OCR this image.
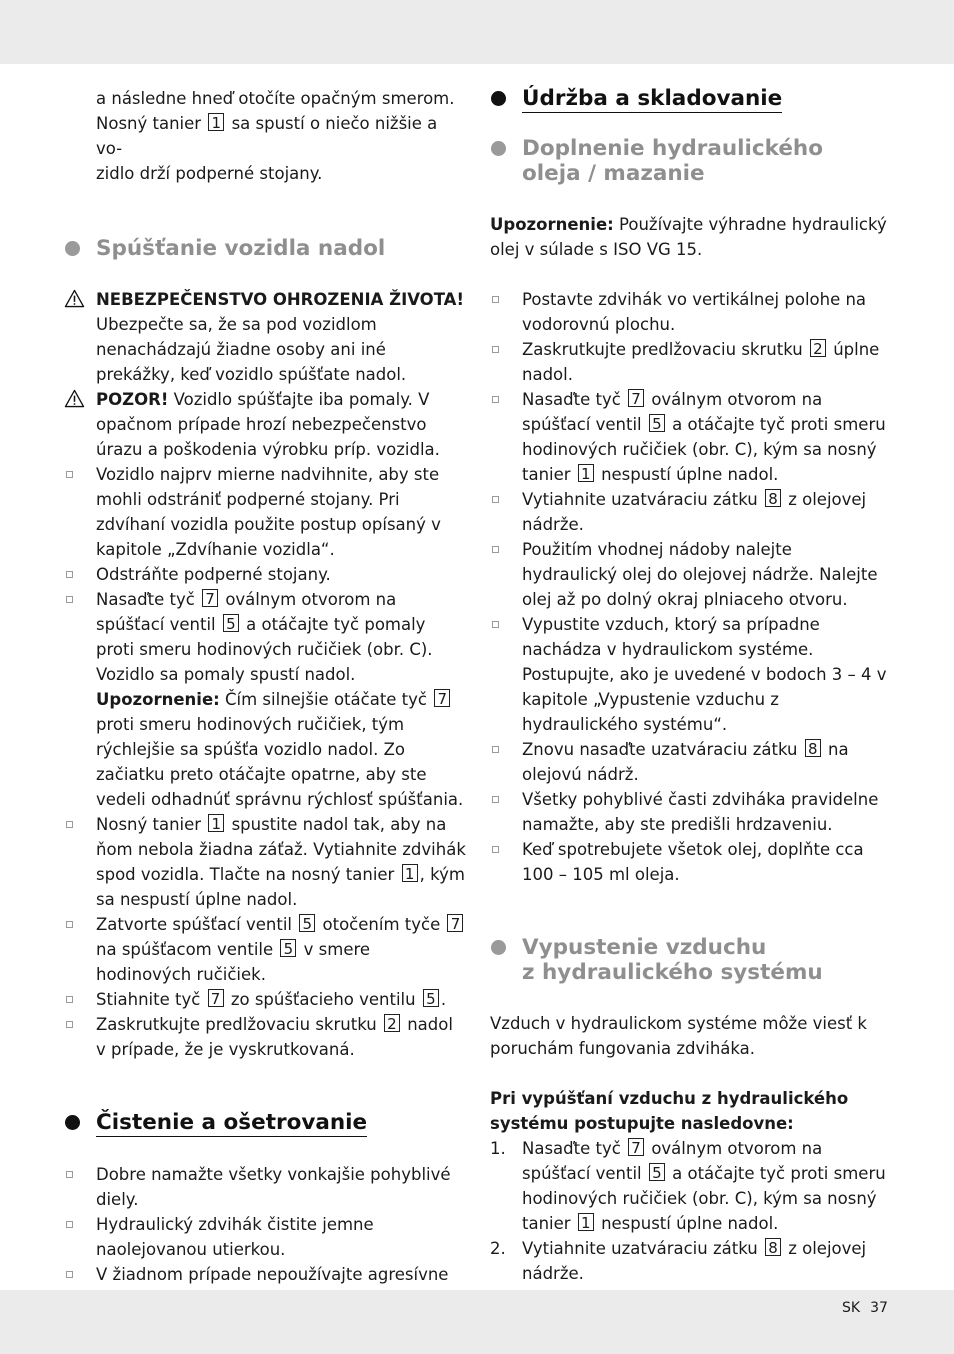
a následne hneď otočíte opačným smerom.
Nosný tanier 1 sa spustí o niečo nižšie a vo-
zidlo drží podperné stojany.

Spúšťanie vozidla nadol

NEBEZPEČENSTVO OHROZENIA ŽIVOTA! Ubezpečte sa, že sa pod vozidlom nenachádzajú žiadne osoby ani iné prekážky, keď vozidlo spúšťate nadol.

POZOR! Vozidlo spúšťajte iba pomaly. V opačnom prípade hrozí nebezpečenstvo úrazu a poškodenia výrobku príp. vozidla.

Vozidlo najprv mierne nadvihnite, aby ste mohli odstrániť podperné stojany. Pri zdvíhaní vozidla použite postup opísaný v kapitole „Zdvíhanie vozidla“.

Odstráňte podperné stojany.

Nasaďte tyč 7 oválnym otvorom na spúšťací ventil 5 a otáčajte tyč pomaly proti smeru hodinových ručičiek (obr. C). Vozidlo sa pomaly spustí nadol.

Upozornenie: Čím silnejšie otáčate tyč 7 proti smeru hodinových ručičiek, tým rýchlejšie sa spúšťa vozidlo nadol. Zo začiatku preto otáčajte opatrne, aby ste vedeli odhadnúť správnu rýchlosť spúšťania.

Nosný tanier 1 spustite nadol tak, aby na ňom nebola žiadna záťaž. Vytiahnite zdvihák spod vozidla. Tlačte na nosný tanier 1 , kým sa nespustí úplne nadol.

Zatvorte spúšťací ventil 5 otočením tyče 7 na spúšťacom ventile 5 v smere hodinových ručičiek.

Stiahnite tyč 7 zo spúšťacieho ventilu 5 .

Zaskrutkujte predlžovaciu skrutku 2 nadol v prípade, že je vyskrutkovaná.

Čistenie a ošetrovanie

Dobre namažte všetky vonkajšie pohyblivé diely.

Hydraulický zdvihák čistite jemne naolejovanou utierkou.

V žiadnom prípade nepoužívajte agresívne

Údržba a skladovanie
Doplnenie hydraulického
oleja / mazanie

Upozornenie: Používajte výhradne hydraulický olej v súlade s ISO VG 15.

Postavte zdvihák vo vertikálnej polohe na vodorovnú plochu.

Zaskrutkujte predlžovaciu skrutku 2 úplne nadol.

Nasaďte tyč 7 oválnym otvorom na spúšťací ventil 5 a otáčajte tyč proti smeru hodinových ručičiek (obr. C), kým sa nosný tanier 1 nespustí úplne nadol.

Vytiahnite uzatváraciu zátku 8 z olejovej nádrže.

Použitím vhodnej nádoby nalejte hydraulický olej do olejovej nádrže. Nalejte olej až po dolný okraj plniaceho otvoru.

Vypustite vzduch, ktorý sa prípadne nachádza v hydraulickom systéme. Postupujte, ako je uvedené v bodoch 3 – 4 v kapitole „Vypustenie vzduchu z hydraulického systému“.

Znovu nasaďte uzatváraciu zátku 8 na olejovú nádrž.

Všetky pohyblivé časti zdviháka pravidelne namažte, aby ste predišli hrdzaveniu.

Keď spotrebujete všetok olej, doplňte cca 100 – 105 ml oleja.

Vypustenie vzduchu
z hydraulického systému

Vzduch v hydraulickom systéme môže viesť k poruchám fungovania zdviháka.

Pri vypúšťaní vzduchu z hydraulického systému postupujte nasledovne:

1. Nasaďte tyč 7 oválnym otvorom na spúšťací ventil 5 a otáčajte tyč proti smeru hodinových ručičiek (obr. C), kým sa nosný tanier 1 nespustí úplne nadol.

2. Vytiahnite uzatváraciu zátku 8 z olejovej nádrže.

SK 37
